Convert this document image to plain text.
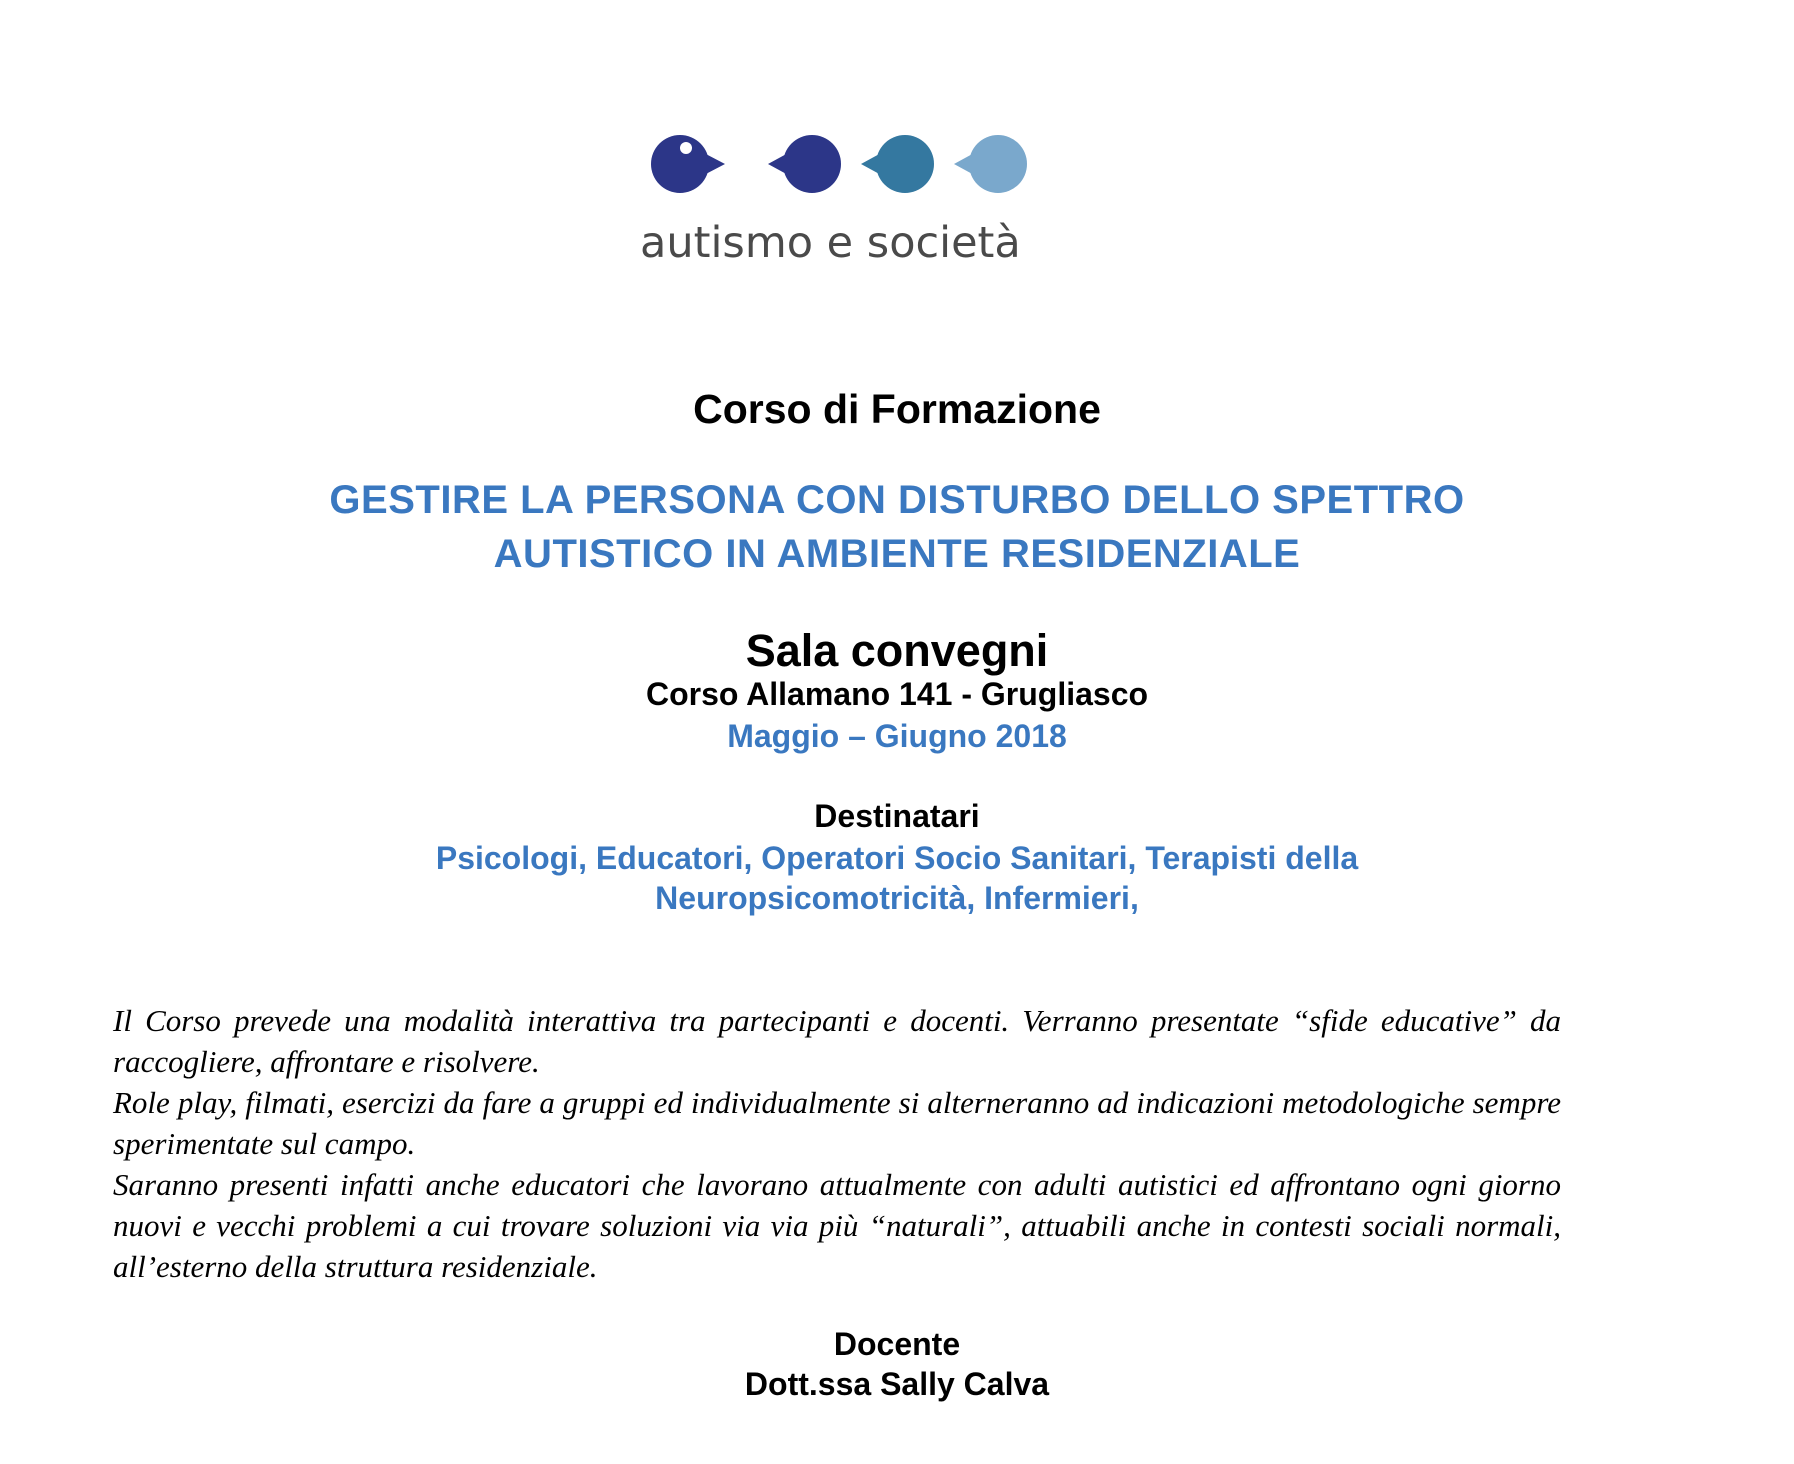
autismo e società
Corso di Formazione
GESTIRE LA PERSONA CON DISTURBO DELLO SPETTRO
AUTISTICO IN AMBIENTE RESIDENZIALE
Sala convegni
Corso Allamano 141 - Grugliasco
Maggio – Giugno 2018
Destinatari
Psicologi, Educatori, Operatori Socio Sanitari, Terapisti della
Neuropsicomotricità, Infermieri,

Il Corso prevede una modalità interattiva tra partecipanti e docenti. Verranno presentate “sfide educative” da raccogliere, affrontare e risolvere.

Role play, filmati, esercizi da fare a gruppi ed individualmente si alterneranno ad indicazioni metodologiche sempre sperimentate sul campo.

Saranno presenti infatti anche educatori che lavorano attualmente con adulti autistici ed affrontano ogni giorno nuovi e vecchi problemi a cui trovare soluzioni via via più “naturali”, attuabili anche in contesti sociali normali, all’esterno della struttura residenziale.

Docente
Dott.ssa Sally Calva
